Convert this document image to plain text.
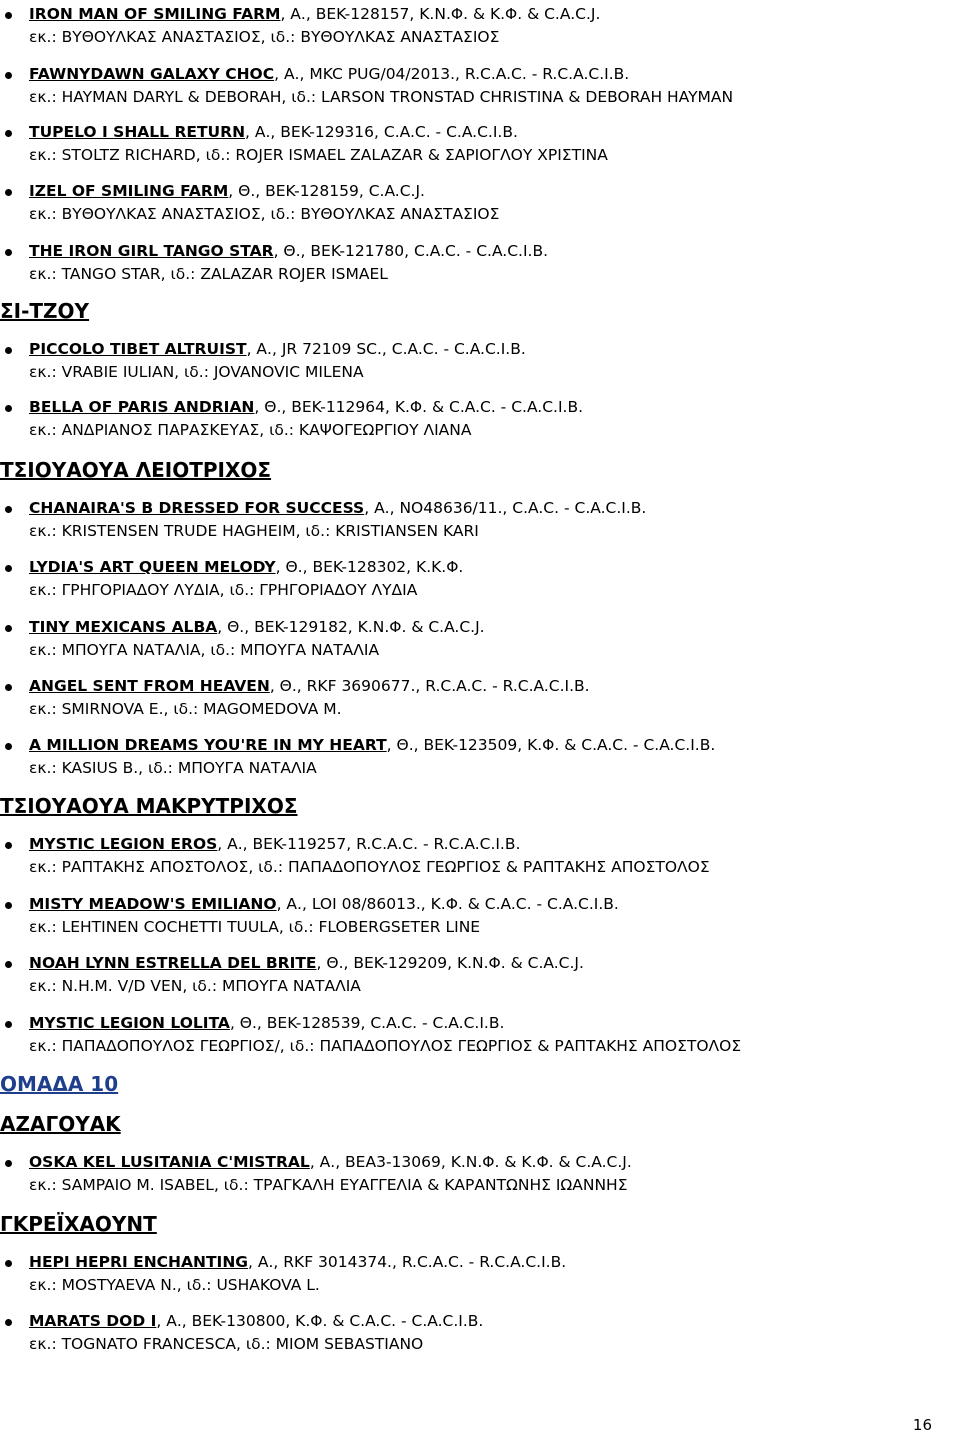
IRON MAN OF SMILING FARM, Α., BEK-128157, K.N.Φ. & K.Φ. & C.A.C.J.
εκ.: ΒΥΘΟΥΛΚΑΣ ΑΝΑΣΤΑΣΙΟΣ, ιδ.: ΒΥΘΟΥΛΚΑΣ ΑΝΑΣΤΑΣΙΟΣ
FAWNYDAWN GALAXY CHOC, Α., MKC PUG/04/2013., R.C.A.C. - R.C.A.C.I.B.
εκ.: HAYMAN DARYL & DEBORAH, ιδ.: LARSON TRONSTAD CHRISTINA & DEBORAH HAYMAN
TUPELO I SHALL RETURN, Α., BEK-129316, C.A.C. - C.A.C.I.B.
εκ.: STOLTZ RICHARD, ιδ.: ROJER ISMAEL ZALAZAR & ΣΑΡΙΟΓΛΟΥ ΧΡΙΣΤΙΝΑ
IZEL OF SMILING FARM, Θ., BEK-128159, C.A.C.J.
εκ.: ΒΥΘΟΥΛΚΑΣ ΑΝΑΣΤΑΣΙΟΣ, ιδ.: ΒΥΘΟΥΛΚΑΣ ΑΝΑΣΤΑΣΙΟΣ
THE IRON GIRL TANGO STAR, Θ., BEK-121780, C.A.C. - C.A.C.I.B.
εκ.: TANGO STAR, ιδ.: ZALAZAR ROJER ISMAEL
ΣΙ-ΤΖΟΥ
PICCOLO TIBET ALTRUIST, Α., JR 72109 SC., C.A.C. - C.A.C.I.B.
εκ.: VRABIE IULIAN, ιδ.: JOVANOVIC MILENA
BELLA OF PARIS ANDRIAN, Θ., BEK-112964, K.Φ. & C.A.C. - C.A.C.I.B.
εκ.: ΑΝΔΡΙΑΝΟΣ ΠΑΡΑΣΚΕΥΑΣ, ιδ.: ΚΑΨΟΓΕΩΡΓΙΟΥ ΛΙΑΝΑ
ΤΣΙΟΥΑΟΥΑ ΛΕΙΟΤΡΙΧΟΣ
CHANAIRA'S B DRESSED FOR SUCCESS, Α., NO48636/11., C.A.C. - C.A.C.I.B.
εκ.: KRISTENSEN TRUDE HAGHEIM, ιδ.: KRISTIANSEN KARI
LYDIA'S ART QUEEN MELODY, Θ., BEK-128302, K.K.Φ.
εκ.: ΓΡΗΓΟΡΙΑΔΟΥ ΛΥΔΙΑ, ιδ.: ΓΡΗΓΟΡΙΑΔΟΥ ΛΥΔΙΑ
TINY MEXICANS ALBA, Θ., BEK-129182, K.N.Φ. & C.A.C.J.
εκ.: ΜΠΟΥΓΑ ΝΑΤΑΛΙΑ, ιδ.: ΜΠΟΥΓΑ ΝΑΤΑΛΙΑ
ANGEL SENT FROM HEAVEN, Θ., RKF 3690677., R.C.A.C. - R.C.A.C.I.B.
εκ.: SMIRNOVA E., ιδ.: MAGOMEDOVA M.
A MILLION DREAMS YOU'RE IN MY HEART, Θ., BEK-123509, K.Φ. & C.A.C. - C.A.C.I.B.
εκ.: KASIUS B., ιδ.: ΜΠΟΥΓΑ ΝΑΤΑΛΙΑ
ΤΣΙΟΥΑΟΥΑ ΜΑΚΡΥΤΡΙΧΟΣ
MYSTIC LEGION EROS, Α., BEK-119257, R.C.A.C. - R.C.A.C.I.B.
εκ.: ΡΑΠΤΑΚΗΣ ΑΠΟΣΤΟΛΟΣ, ιδ.: ΠΑΠΑΔΟΠΟΥΛΟΣ ΓΕΩΡΓΙΟΣ & ΡΑΠΤΑΚΗΣ ΑΠΟΣΤΟΛΟΣ
MISTY MEADOW'S EMILIANO, Α., LOI 08/86013., K.Φ. & C.A.C. - C.A.C.I.B.
εκ.: LEHTINEN COCHETTI TUULA, ιδ.: FLOBERGSETER LINE
NOAH LYNN ESTRELLA DEL BRITE, Θ., BEK-129209, K.N.Φ. & C.A.C.J.
εκ.: N.H.M. V/D VEN, ιδ.: ΜΠΟΥΓΑ ΝΑΤΑΛΙΑ
MYSTIC LEGION LOLITA, Θ., BEK-128539, C.A.C. - C.A.C.I.B.
εκ.: ΠΑΠΑΔΟΠΟΥΛΟΣ ΓΕΩΡΓΙΟΣ/, ιδ.: ΠΑΠΑΔΟΠΟΥΛΟΣ ΓΕΩΡΓΙΟΣ & ΡΑΠΤΑΚΗΣ ΑΠΟΣΤΟΛΟΣ
ΟΜΑΔΑ 10
ΑΖΑΓΟΥΑΚ
OSKA KEL LUSITANIA C'MISTRAL, Α., BEA3-13069, K.N.Φ. & K.Φ. & C.A.C.J.
εκ.: SAMPAIO M. ISABEL, ιδ.: ΤΡΑΓΚΑΛΗ ΕΥΑΓΓΕΛΙΑ & ΚΑΡΑΝΤΩΝΗΣ ΙΩΑΝΝΗΣ
ΓΚΡΕΪΧΑΟΥΝΤ
HEPI HEPRI ENCHANTING, Α., RKF 3014374., R.C.A.C. - R.C.A.C.I.B.
εκ.: MOSTYAEVA N., ιδ.: USHAKOVA L.
MARATS DOD I, Α., BEK-130800, K.Φ. & C.A.C. - C.A.C.I.B.
εκ.: TOGNATO FRANCESCA, ιδ.: MIOM SEBASTIANO
16
